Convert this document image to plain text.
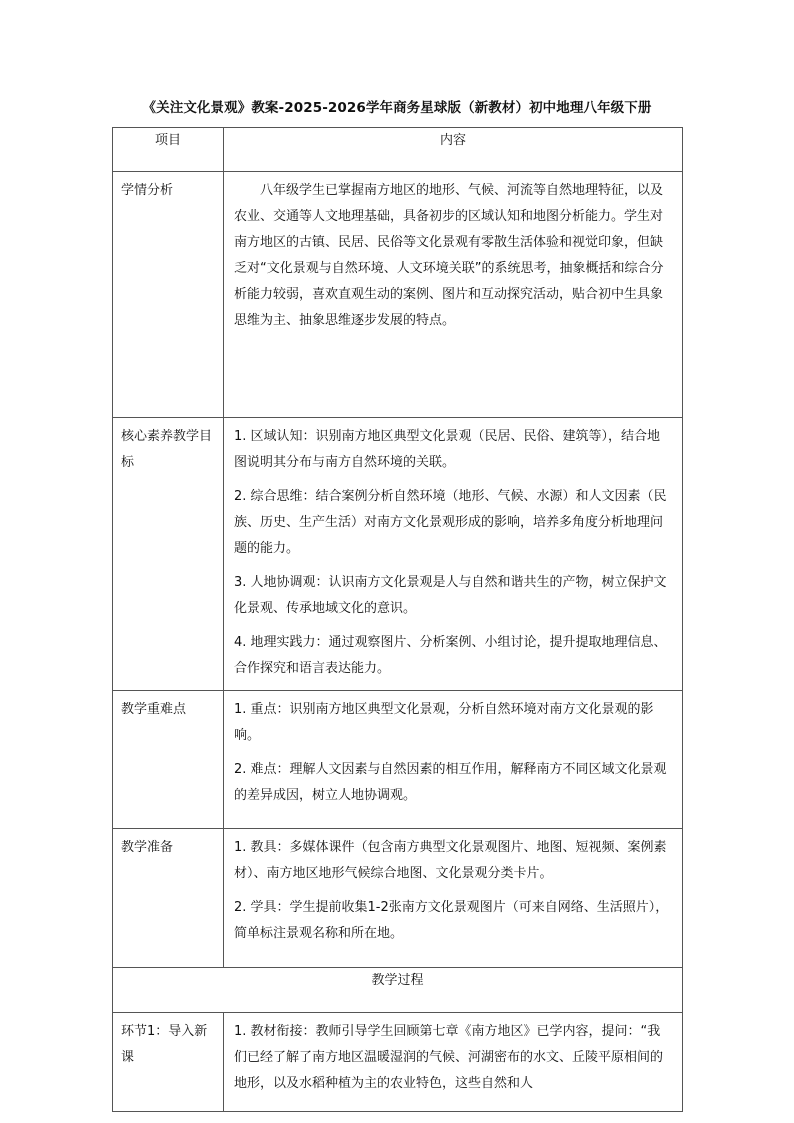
《关注文化景观》教案-2025-2026学年商务星球版（新教材）初中地理八年级下册
项目	内容
学情分析	八年级学生已掌握南方地区的地形、气候、河流等自然地理特征，以及农业、交通等人文地理基础，具备初步的区域认知和地图分析能力。学生对南方地区的古镇、民居、民俗等文化景观有零散生活体验和视觉印象，但缺乏对“文化景观与自然环境、人文环境关联”的系统思考，抽象概括和综合分析能力较弱，喜欢直观生动的案例、图片和互动探究活动，贴合初中生具象思维为主、抽象思维逐步发展的特点。

核心素养教学目标	1. 区域认知：识别南方地区典型文化景观（民居、民俗、建筑等），结合地图说明其分布与南方自然环境的关联。

2. 综合思维：结合案例分析自然环境（地形、气候、水源）和人文因素（民族、历史、生产生活）对南方文化景观形成的影响，培养多角度分析地理问题的能力。

3. 人地协调观：认识南方文化景观是人与自然和谐共生的产物，树立保护文化景观、传承地域文化的意识。

4. 地理实践力：通过观察图片、分析案例、小组讨论，提升提取地理信息、合作探究和语言表达能力。

教学重难点	1. 重点：识别南方地区典型文化景观，分析自然环境对南方文化景观的影响。

2. 难点：理解人文因素与自然因素的相互作用，解释南方不同区域文化景观的差异成因，树立人地协调观。

教学准备	1. 教具：多媒体课件（包含南方典型文化景观图片、地图、短视频、案例素材）、南方地区地形气候综合地图、文化景观分类卡片。

2. 学具：学生提前收集1-2张南方文化景观图片（可来自网络、生活照片），简单标注景观名称和所在地。

教学过程	
环节1：导入新课	1. 教材衔接：教师引导学生回顾第七章《南方地区》已学内容，提问：“我们已经了解了南方地区温暖湿润的气候、河湖密布的水文、丘陵平原相间的地形，以及水稻种植为主的农业特色，这些自然和人
